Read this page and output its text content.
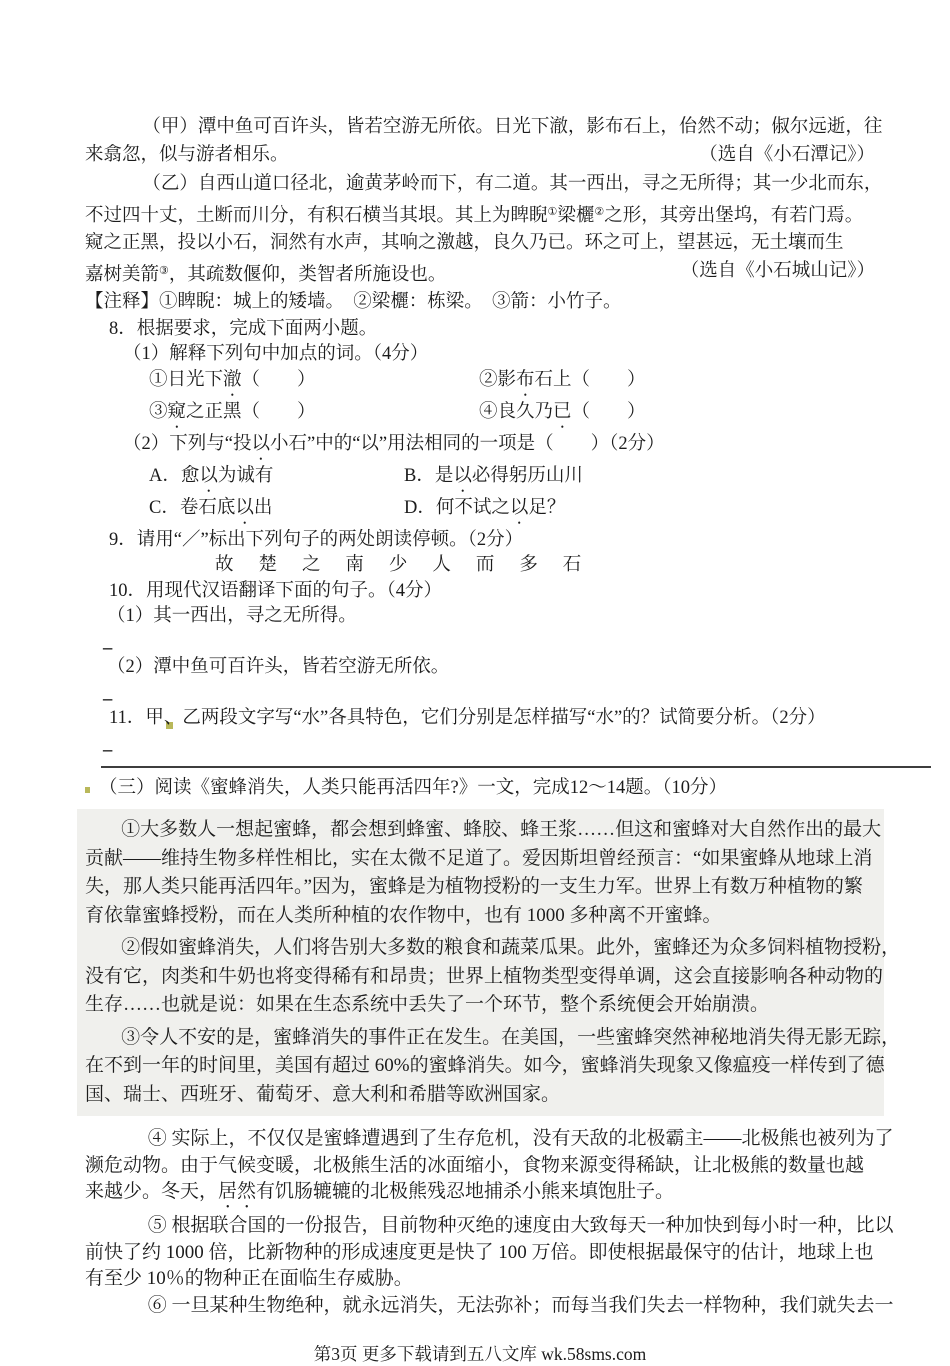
（甲）潭中鱼可百许头，皆若空游无所依。日光下澈，影布石上，佁然不动；俶尔远逝，往
来翕忽，似与游者相乐。	（选自《小石潭记》）
（乙）自西山道口径北，逾黄茅岭而下，有二道。其一西出，寻之无所得；其一少北而东，
不过四十丈，土断而川分，有积石横当其垠。其上为睥睨①梁欐②之形，其旁出堡坞，有若门焉。
窥之正黑，投以小石，洞然有水声，其响之激越，良久乃已。环之可上，望甚远，无土壤而生
嘉树美箭③，其疏数偃仰，类智者所施设也。	（选自《小石城山记》）
【注释】①睥睨：城上的矮墙。　②梁欐：栋梁。　③箭：小竹子。
8．根据要求，完成下面两小题。
（1）解释下列句中加点的词。（4分）
①日光下澈（　　）	②影布石上（　　）
③窥之正黑（　　）	④良久乃已（　　）
（2）下列与“投以小石”中的“以”用法相同的一项是（　　）（2分）
A．愈以为诚有	B．是以必得躬历山川
C．卷石底以出	D．何不试之以足？
9．请用“／”标出下列句子的两处朗读停顿。（2分）
故 楚 之 南 少 人 而 多 石
10．用现代汉语翻译下面的句子。（4分）
（1）其一西出，寻之无所得。
_
（2）潭中鱼可百许头，皆若空游无所依。
_
11．甲、乙两段文字写“水”各具特色，它们分别是怎样描写“水”的？试简要分析。（2分）
_
（三）阅读《蜜蜂消失，人类只能再活四年?》一文，完成12～14题。（10分）
①大多数人一想起蜜蜂，都会想到蜂蜜、蜂胶、蜂王浆……但这和蜜蜂对大自然作出的最大
贡献——维持生物多样性相比，实在太微不足道了。爱因斯坦曾经预言：“如果蜜蜂从地球上消
失，那人类只能再活四年。”因为，蜜蜂是为植物授粉的一支生力军。世界上有数万种植物的繁
育依靠蜜蜂授粉，而在人类所种植的农作物中，也有 1000 多种离不开蜜蜂。
②假如蜜蜂消失，人们将告别大多数的粮食和蔬菜瓜果。此外，蜜蜂还为众多饲料植物授粉，
没有它，肉类和牛奶也将变得稀有和昂贵；世界上植物类型变得单调，这会直接影响各种动物的
生存……也就是说：如果在生态系统中丢失了一个环节，整个系统便会开始崩溃。
③令人不安的是，蜜蜂消失的事件正在发生。在美国，一些蜜蜂突然神秘地消失得无影无踪，
在不到一年的时间里，美国有超过 60%的蜜蜂消失。如今，蜜蜂消失现象又像瘟疫一样传到了德
国、瑞士、西班牙、葡萄牙、意大利和希腊等欧洲国家。
④ 实际上，不仅仅是蜜蜂遭遇到了生存危机，没有天敌的北极霸主——北极熊也被列为了
濒危动物。由于气候变暖，北极熊生活的冰面缩小，食物来源变得稀缺，让北极熊的数量也越
来越少。冬天，居然有饥肠辘辘的北极熊残忍地捕杀小熊来填饱肚子。
⑤ 根据联合国的一份报告，目前物种灭绝的速度由大致每天一种加快到每小时一种，比以
前快了约 1000 倍，比新物种的形成速度更是快了 100 万倍。即使根据最保守的估计，地球上也
有至少 10％的物种正在面临生存威胁。
⑥ 一旦某种生物绝种，就永远消失，无法弥补；而每当我们失去一样物种，我们就失去一
第3页 更多下载请到五八文库 wk.58sms.com
